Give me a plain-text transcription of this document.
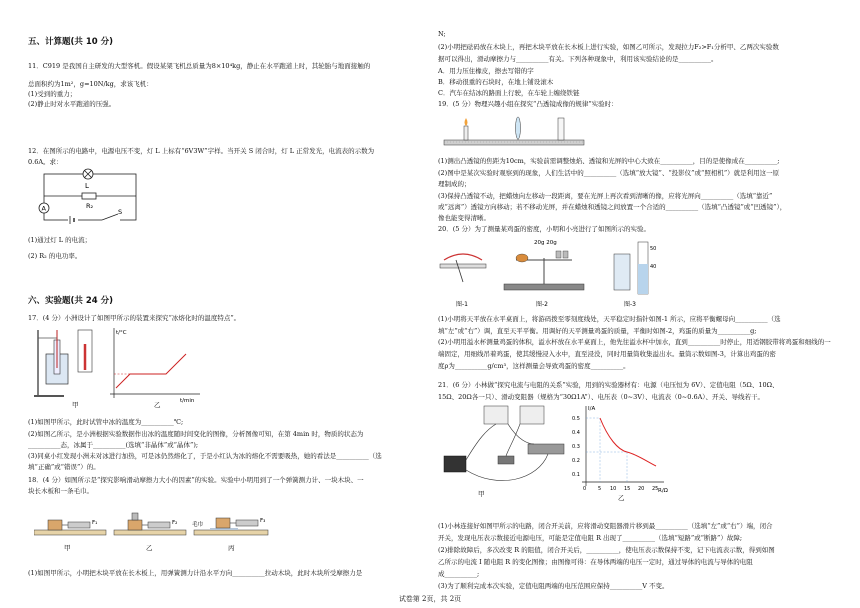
五、计算题(共 10 分)
11．C919 是我国自主研发的大型客机。假设某架飞机总质量为8×10⁴kg，静止在水平跑道上时，其轮胎与地面接触的
总面积约为1m²，g=10N/kg，求该飞机：
(1)受到的重力；
(2)静止时对水平跑道的压强。
12．在图所示的电路中，电源电压不变，灯 L 上标有“6V3W”字样。当开关 S 闭合时，灯 L 正常发光，电流表的示数为
0.6A。求：
L
R₂
A	S
(1)通过灯 L 的电流；
(2) R₂ 的电功率。
六、实验题(共 24 分)
17．(4 分）小洲设计了如图甲所示的装置来探究“冰熔化时的温度特点”。
甲
t/°C
t/min
乙
(1)如图甲所示，此时试管中冰的温度为__________℃;
(2)如图乙所示，是小洲根据实验数据作出冰的温度随时间变化的图像，分析图像可知，在第 4min 时，物质的状态为
__________态，冰属于__________(选填“非晶体”或“晶体”);
(3)同桌小红发现小洲未对冰进行加热，可是冰仍然熔化了，于是小红认为冰的熔化不需要吸热，她的看法是__________（选
填“正确”或“错误”）的。
18．(4 分）如图所示是“探究影响滑动摩擦力大小的因素”的实验。实验中小明用到了一个弹簧测力计、一块木块、一
块长木板和一条毛巾。
F₁
甲
F₂
乙
毛巾
F₃
丙
(1)如图甲所示，小明把木块平放在长木板上，用弹簧测力计沿水平方向__________拉动木块，此时木块所受摩擦力是
N;
(2)小明把砝码放在木块上，再把木块平放在长木板上进行实验，如图乙可所示，发现拉力F₂>F₁分析甲、乙两次实验数
据可以得出，滑动摩擦力与__________有关。下列各种现象中，利用该实验结论的是__________。
A．用力压住橡皮，擦去写错的字
B．移动很重的石块时，在地上铺设滚木
C．汽车在结冰的路面上行驶，在车轮上缠绕铁链
19．(5 分）物理兴趣小组在探究“凸透镜成像的规律”实验时：
(1)测出凸透镜的焦距为10cm，实验前需调整烛焰、透镜和光屏的中心大致在__________，目的是使像成在__________;
(2)图中是某次实验时观察到的现象，人们生活中的__________（选填“放大镜”、“投影仪”或“照相机”）就是利用这一原
理制成的；
(3)保持凸透镜不动，把蜡烛向左移动一段距离，要在光屏上再次看到清晰的像，应将光屏向__________（选填“靠近”
或“远离”）透镜方向移动；若不移动光屏，并在蜡烛和透镜之间放置一个合适的__________（选填“凸透镜”或“凹透镜”），
像也能变得清晰。
20．(5 分）为了测量某鸡蛋的密度，小明和小亮进行了如图所示的实验。
图-1
20g 20g
图-2
50
40
图-3
(1)小明将天平放在水平桌面上，将游码拨至零刻度线处，天平稳定时指针如图-1 所示，应将平衡螺母向__________（选
填“左”或“右”）调，直至天平平衡。用调好的天平测量鸡蛋的质量，平衡时如图-2，鸡蛋的质量为__________g;
(2)小明用溢水杯测量鸡蛋的体积，溢水杯放在水平桌面上，他先往溢水杯中加水，直到__________时停止，用适钢胶带将鸡蛋和细线的一
端固定，用细线吊着鸡蛋，使其缓慢浸入水中，直至浸没，同时用量筒收集溢出水。量筒示数如图-3，计算出鸡蛋的密
度ρ为__________g/cm³，这样测量会导致鸡蛋的密度__________。
21．(6 分）小林做“探究电流与电阻的关系”实验，用到的实验器材有：电源（电压恒为 6V）、定值电阻（5Ω、10Ω、
15Ω、20Ω各一只）、滑动变阻器（规格为“30Ω1A”）、电压表（0~3V）、电流表（0~0.6A）、开关、导线若干。
甲
I/A
R/Ω
0.5
0.4
0.3
0.2
0.1
0 5 10 15 20 25
乙
(1)小林连接好如图甲所示的电路，闭合开关前，应将滑动变阻器滑片移到最__________（选填“左”或“右”）端，闭合
开关，发现电压表示数接近电源电压，可能是定值电阻 R 出现了__________（选填“短路”或“断路”）故障;
(2)排除故障后，多次改变 R 的阻值，闭合开关后，__________，使电压表示数保持不变，记下电流表示数，得到如图
乙所示的电流 I 随电阻 R 的变化图像；由图像可得：在导体两端的电压一定时，通过导体的电流与导体的电阻
成__________;
(3)为了顺利完成本次实验，定值电阻两端的电压范围应保持__________V 不变。
试卷第 2页，共 2页
